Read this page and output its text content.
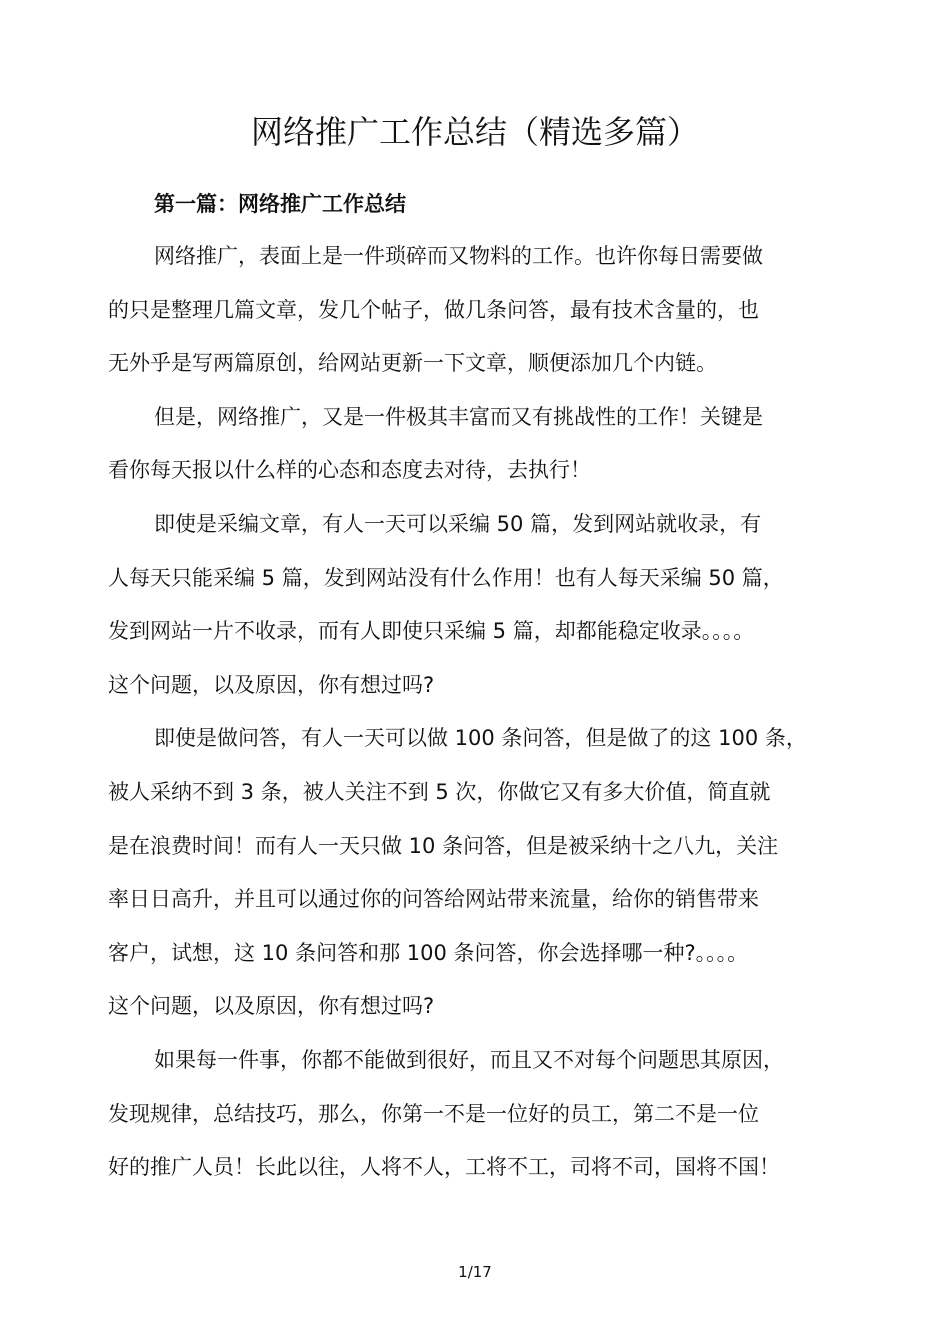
网络推广工作总结（精选多篇）
第一篇：网络推广工作总结

网络推广，表面上是一件琐碎而又物料的工作。也许你每日需要做
的只是整理几篇文章，发几个帖子，做几条问答，最有技术含量的，也
无外乎是写两篇原创，给网站更新一下文章，顺便添加几个内链。

但是，网络推广，又是一件极其丰富而又有挑战性的工作！关键是
看你每天报以什么样的心态和态度去对待，去执行！

即使是采编文章，有人一天可以采编 50 篇，发到网站就收录，有
人每天只能采编 5 篇，发到网站没有什么作用！也有人每天采编 50 篇，
发到网站一片不收录，而有人即使只采编 5 篇，却都能稳定收录。。。。
这个问题，以及原因，你有想过吗?

即使是做问答，有人一天可以做 100 条问答，但是做了的这 100 条，
被人采纳不到 3 条，被人关注不到 5 次，你做它又有多大价值，简直就
是在浪费时间！而有人一天只做 10 条问答，但是被采纳十之八九，关注
率日日高升，并且可以通过你的问答给网站带来流量，给你的销售带来
客户，试想，这 10 条问答和那 100 条问答，你会选择哪一种?。。。。
这个问题，以及原因，你有想过吗?

如果每一件事，你都不能做到很好，而且又不对每个问题思其原因，
发现规律，总结技巧，那么，你第一不是一位好的员工，第二不是一位
好的推广人员！长此以往，人将不人，工将不工，司将不司，国将不国！

1/17
